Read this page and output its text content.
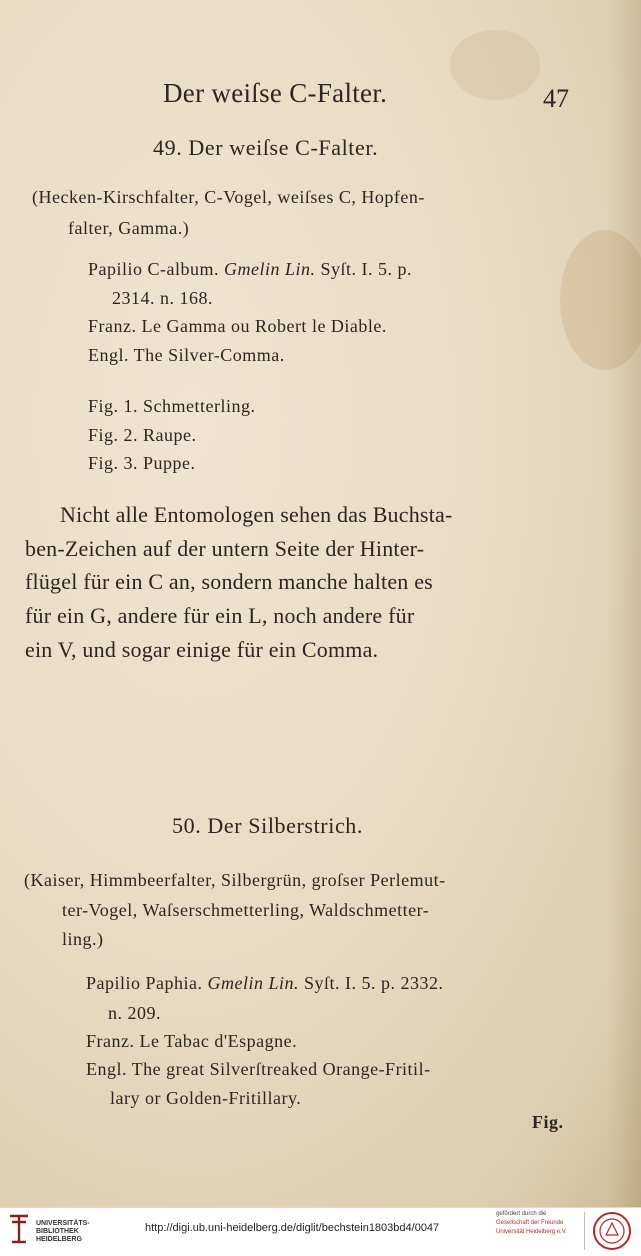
Der weiſse C-Falter.	47
49. Der weiſse C-Falter.
(Hecken-Kirschfalter, C-Vogel, weiſses C, Hopfen-
falter, Gamma.)
Papilio C-album. Gmelin Lin. Syſt. I. 5. p.
2314. n. 168.
Franz. Le Gamma ou Robert le Diable.
Engl. The Silver-Comma.
Fig. 1. Schmetterling.
Fig. 2. Raupe.
Fig. 3. Puppe.
Nicht alle Entomologen sehen das Buchsta-
ben-Zeichen auf der untern Seite der Hinter-
flügel für ein C an, sondern manche halten es
für ein G, andere für ein L, noch andere für
ein V, und sogar einige für ein Comma.
50. Der Silberstrich.
(Kaiser, Himmbeerfalter, Silbergrün, groſser Perlemut-
ter-Vogel, Waſserschmetterling, Waldschmetter-
ling.)
Papilio Paphia. Gmelin Lin. Syſt. I. 5. p. 2332.
n. 209.
Franz. Le Tabac d'Espagne.
Engl. The great Silverſtreaked Orange-Fritil-
lary or Golden-Fritillary.
Fig.
UNIVERSITÄTS-
BIBLIOTHEK
HEIDELBERG
http://digi.ub.uni-heidelberg.de/diglit/bechstein1803bd4/0047
gefördert durch die
Gesellschaft der Freunde
Universität Heidelberg e.V.
